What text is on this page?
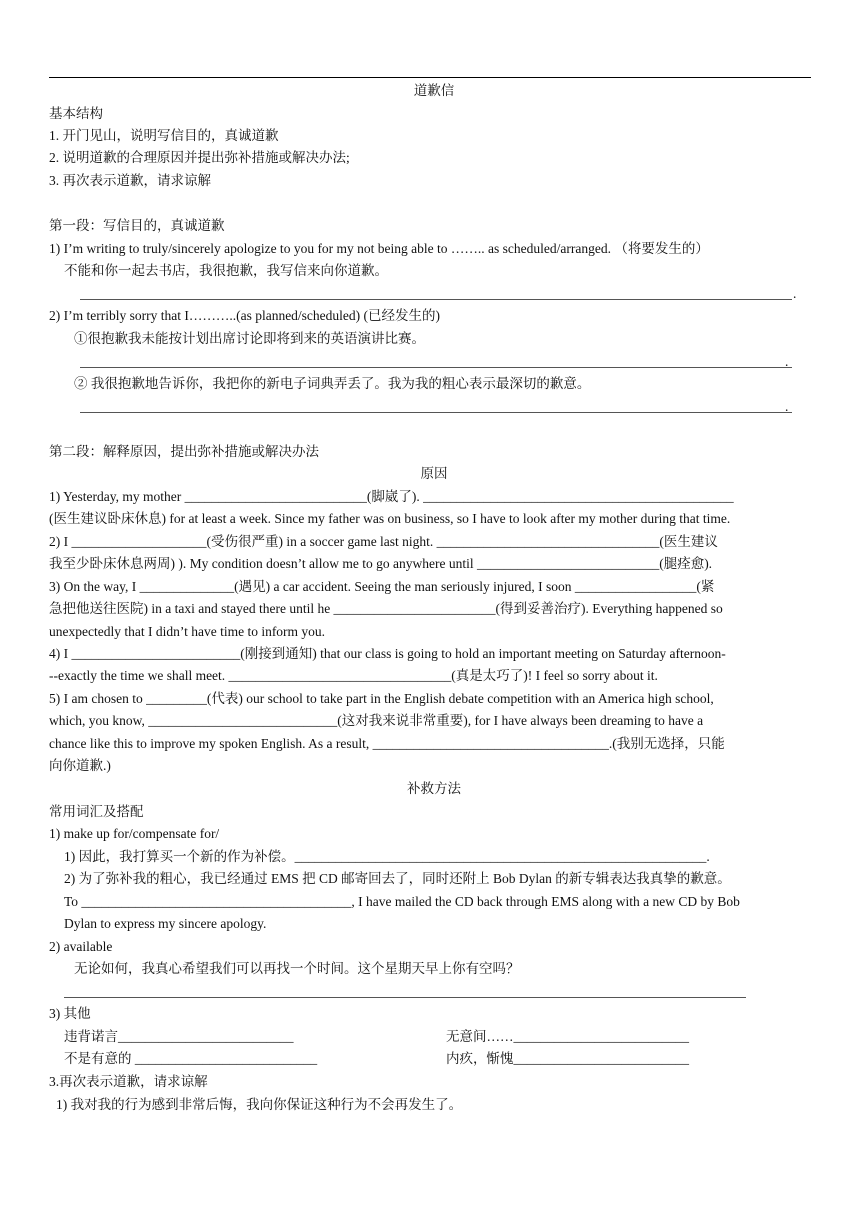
道歉信
基本结构
1. 开门见山，说明写信目的，真诚道歉
2. 说明道歉的合理原因并提出弥补措施或解决办法;
3. 再次表示道歉，请求谅解
第一段：写信目的，真诚道歉
1) I’m writing to truly/sincerely apologize to you for my not being able to …….. as scheduled/arranged. （将要发生的）
不能和你一起去书店，我很抱歉，我写信来向你道歉。
.
2) I’m terribly sorry that I………..(as planned/scheduled) (已经发生的)
①很抱歉我未能按计划出席讨论即将到来的英语演讲比赛。
.
② 我很抱歉地告诉你，我把你的新电子词典弄丢了。我为我的粗心表示最深切的歉意。
.
第二段：解释原因，提出弥补措施或解决办法
原因
1) Yesterday, my mother ___________________________(脚崴了). ______________________________________________
(医生建议卧床休息) for at least a week. Since my father was on business, so I have to look after my mother during that time.
2) I ____________________(受伤很严重) in a soccer game last night. _________________________________(医生建议
我至少卧床休息两周) ). My condition doesn’t allow me to go anywhere until ___________________________(腿痊愈).
3) On the way, I ______________(遇见) a car accident. Seeing the man seriously injured, I soon __________________(紧
急把他送往医院) in a taxi and stayed there until he ________________________(得到妥善治疗). Everything happened so
unexpectedly that I didn’t have time to inform you.
4) I _________________________(刚接到通知) that our class is going to hold an important meeting on Saturday afternoon-
--exactly the time we shall meet. _________________________________(真是太巧了)! I feel so sorry about it.
5) I am chosen to _________(代表) our school to take part in the English debate competition with an America high school,
which, you know, ____________________________(这对我来说非常重要), for I have always been dreaming to have a
chance like this to improve my spoken English. As a result, ___________________________________.(我别无选择，只能
向你道歉.)
补救方法
常用词汇及搭配
1) make up for/compensate for/
1) 因此，我打算买一个新的作为补偿。_____________________________________________________________.
2) 为了弥补我的粗心，我已经通过 EMS 把 CD 邮寄回去了，同时还附上 Bob Dylan 的新专辑表达我真挚的歉意。
To ________________________________________, I have mailed the CD back through EMS along with a new CD by Bob
Dylan to express my sincere apology.
2) available
无论如何，我真心希望我们可以再找一个时间。这个星期天早上你有空吗？
3) 其他
违背诺言__________________________	无意间……__________________________
不是有意的 ___________________________	内疚，惭愧__________________________
3.再次表示道歉，请求谅解
1) 我对我的行为感到非常后悔，我向你保证这种行为不会再发生了。
